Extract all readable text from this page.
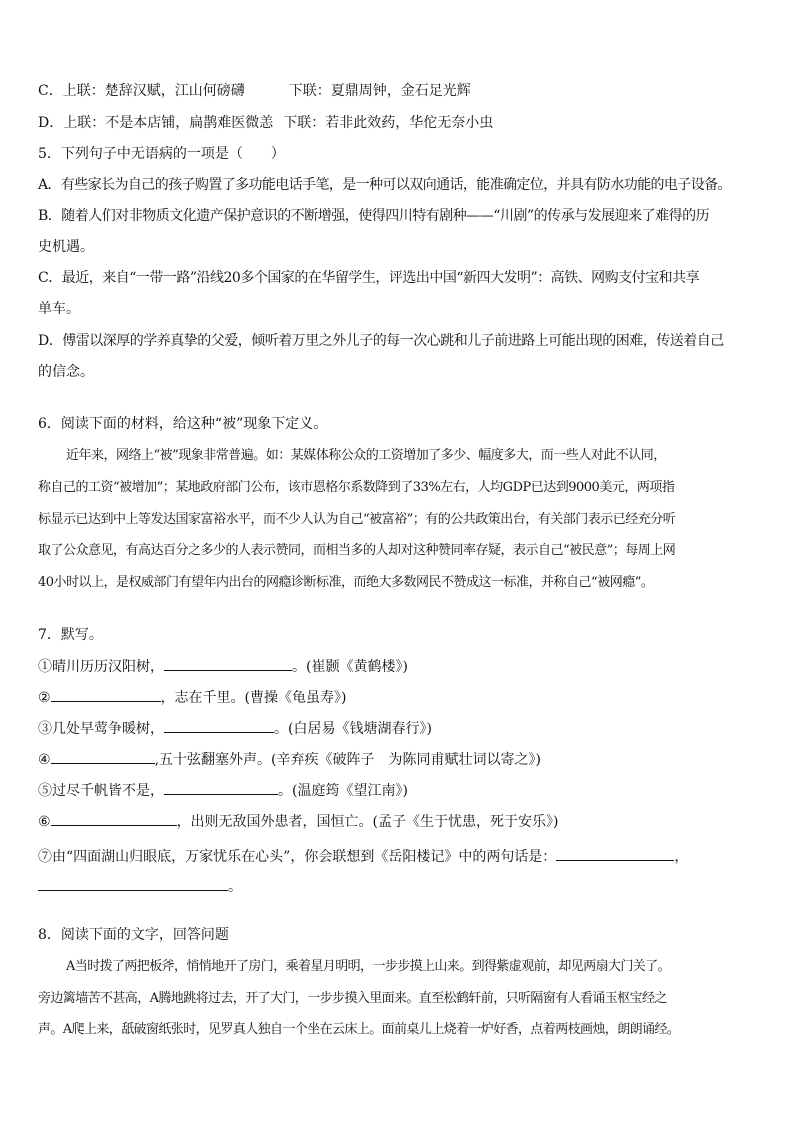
C．上联：楚辞汉赋，江山何磅礴	下联：夏鼎周钟，金石足光辉
D．上联：不是本店铺，扁鹊难医微恙 下联：若非此效药，华佗无奈小虫
5．下列句子中无语病的一项是（　　）
A．有些家长为自己的孩子购置了多功能电话手笔，是一种可以双向通话，能准确定位，并具有防水功能的电子设备。
B．随着人们对非物质文化遗产保护意识的不断增强，使得四川特有剧种——“川剧”的传承与发展迎来了难得的历
史机遇。
C．最近，来自“一带一路”沿线20多个国家的在华留学生，评选出中国“新四大发明”：高铁、网购支付宝和共享
单车。
D．傅雷以深厚的学养真挚的父爱，倾听着万里之外儿子的每一次心跳和儿子前进路上可能出现的困难，传送着自己
的信念。
6．阅读下面的材料，给这种“被”现象下定义。
近年来，网络上“被”现象非常普遍。如：某媒体称公众的工资增加了多少、幅度多大，而一些人对此不认同，
称自己的工资“被增加”；某地政府部门公布，该市恩格尔系数降到了33%左右，人均GDP已达到9000美元，两项指
标显示已达到中上等发达国家富裕水平，而不少人认为自己“被富裕”；有的公共政策出台，有关部门表示已经充分听
取了公众意见，有高达百分之多少的人表示赞同，而相当多的人却对这种赞同率存疑，表示自己“被民意”；每周上网
40小时以上，是权威部门有望年内出台的网瘾诊断标准，而绝大多数网民不赞成这一标准，并称自己“被网瘾”。
7．默写。
①晴川历历汉阳树，	。(崔颢《黄鹤楼》)
②	，志在千里。(曹操《龟虽寿》)
③几处早莺争暖树，	。(白居易《钱塘湖春行》)
④	,五十弦翻塞外声。(辛弃疾《破阵子　为陈同甫赋壮词以寄之》)
⑤过尽千帆皆不是，	。(温庭筠《望江南》)
⑥	，出则无敌国外患者，国恒亡。(孟子《生于忧患，死于安乐》)
⑦由“四面湖山归眼底，万家忧乐在心头”，你会联想到《岳阳楼记》中的两句话是：	，
。
8．阅读下面的文字，回答问题
A当时拨了两把板斧，悄悄地开了房门，乘着星月明明，一步步摸上山来。到得紫虚观前，却见两扇大门关了。
旁边篱墙苦不甚高，A腾地跳将过去，开了大门，一步步摸入里面来。直至松鹤轩前，只听隔窗有人看诵玉枢宝经之
声。A爬上来，舐破窗纸张时，见罗真人独自一个坐在云床上。面前桌儿上烧着一炉好香，点着两枝画烛，朗朗诵经。
